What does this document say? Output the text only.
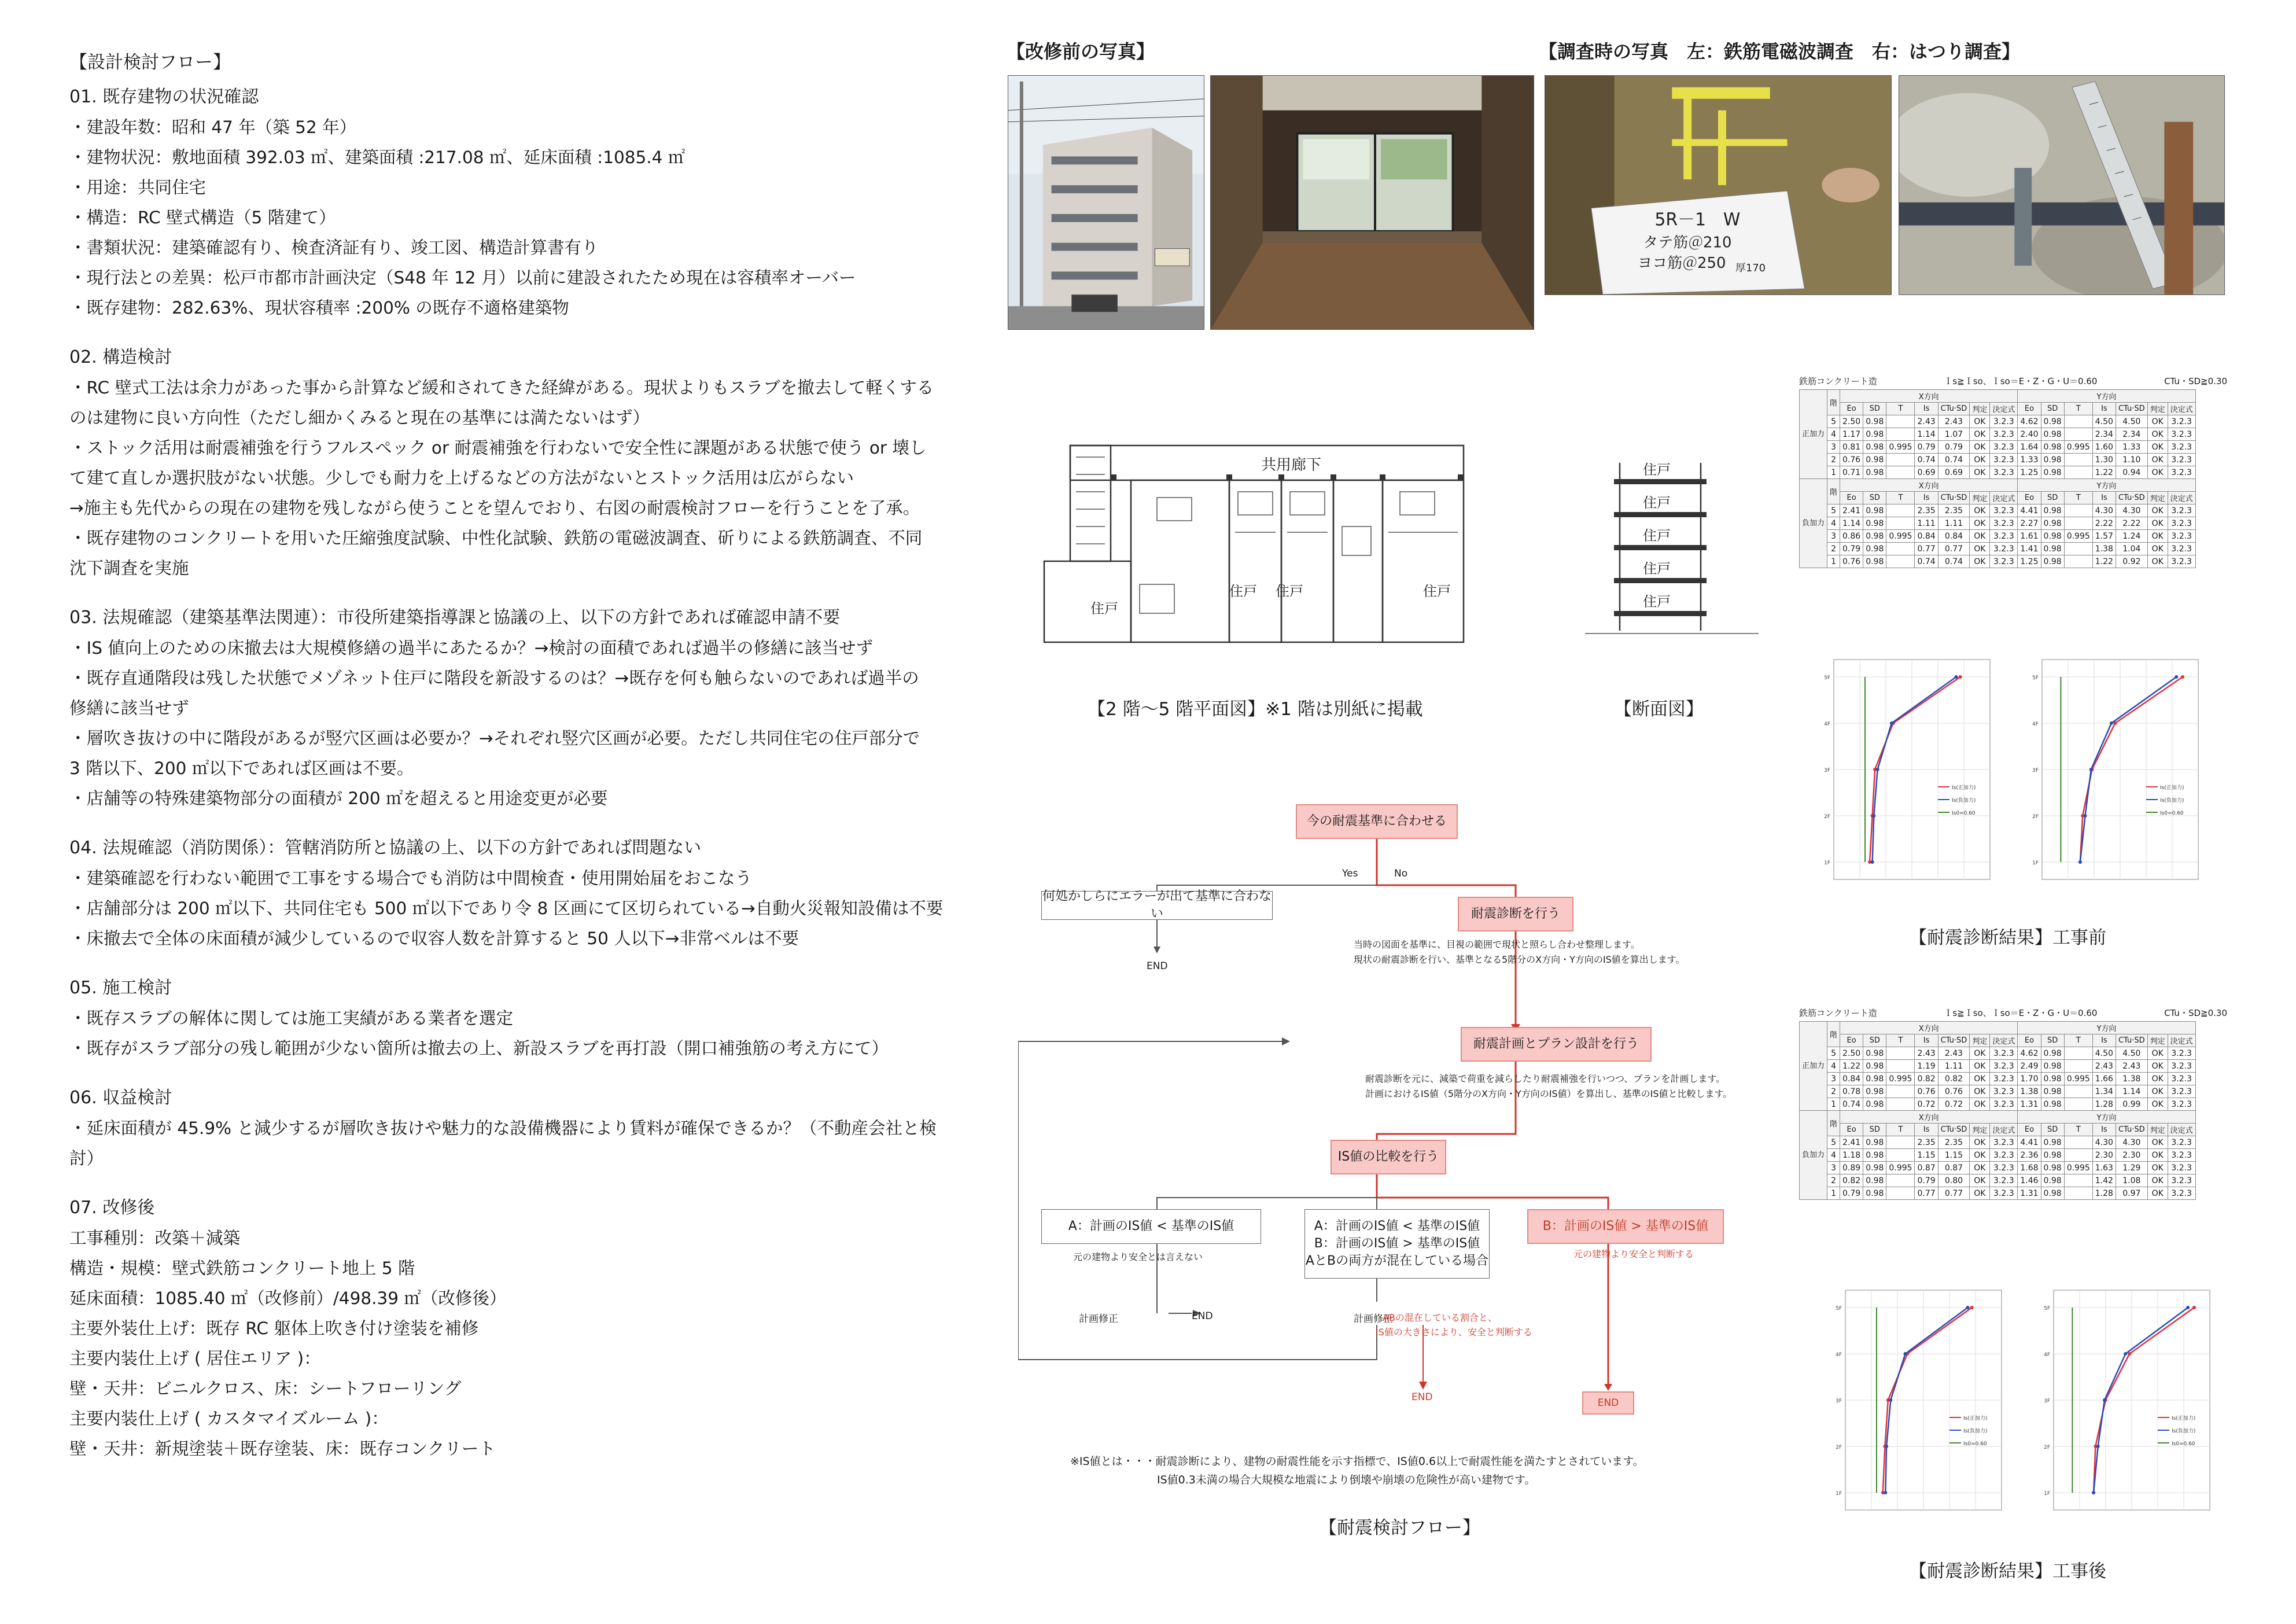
【設計検討フロー】
01. 既存建物の状況確認
・建設年数：昭和 47 年（築 52 年）
・建物状況：敷地面積 392.03 ㎡、建築面積 :217.08 ㎡、延床面積 :1085.4 ㎡
・用途：共同住宅
・構造：RC 壁式構造（5 階建て）
・書類状況：建築確認有り、検査済証有り、竣工図、構造計算書有り
・現行法との差異：松戸市都市計画決定（S48 年 12 月）以前に建設されたため現在は容積率オーバー
・既存建物：282.63%、現状容積率 :200% の既存不適格建築物
02. 構造検討
・RC 壁式工法は余力があった事から計算など緩和されてきた経緯がある。現状よりもスラブを撤去して軽くする
のは建物に良い方向性（ただし細かくみると現在の基準には満たないはず）
・ストック活用は耐震補強を行うフルスペック or 耐震補強を行わないで安全性に課題がある状態で使う or 壊し
て建て直しか選択肢がない状態。少しでも耐力を上げるなどの方法がないとストック活用は広がらない
→施主も先代からの現在の建物を残しながら使うことを望んでおり、右図の耐震検討フローを行うことを了承。
・既存建物のコンクリートを用いた圧縮強度試験、中性化試験、鉄筋の電磁波調査、斫りによる鉄筋調査、不同
沈下調査を実施
03. 法規確認（建築基準法関連）：市役所建築指導課と協議の上、以下の方針であれば確認申請不要
・IS 値向上のための床撤去は大規模修繕の過半にあたるか？→検討の面積であれば過半の修繕に該当せず
・既存直通階段は残した状態でメゾネット住戸に階段を新設するのは？→既存を何も触らないのであれば過半の
修繕に該当せず
・層吹き抜けの中に階段があるが竪穴区画は必要か？→それぞれ竪穴区画が必要。ただし共同住宅の住戸部分で
3 階以下、200 ㎡以下であれば区画は不要。
・店舗等の特殊建築物部分の面積が 200 ㎡を超えると用途変更が必要
04. 法規確認（消防関係）：管轄消防所と協議の上、以下の方針であれば問題ない
・建築確認を行わない範囲で工事をする場合でも消防は中間検査・使用開始届をおこなう
・店舗部分は 200 ㎡以下、共同住宅も 500 ㎡以下であり令 8 区画にて区切られている→自動火災報知設備は不要
・床撤去で全体の床面積が減少しているので収容人数を計算すると 50 人以下→非常ベルは不要
05. 施工検討
・既存スラブの解体に関しては施工実績がある業者を選定
・既存がスラブ部分の残し範囲が少ない箇所は撤去の上、新設スラブを再打設（開口補強筋の考え方にて）
06. 収益検討
・延床面積が 45.9% と減少するが層吹き抜けや魅力的な設備機器により賃料が確保できるか？（不動産会社と検
討）
07. 改修後
工事種別：改築＋減築
構造・規模：壁式鉄筋コンクリート地上 5 階
延床面積：1085.40 ㎡（改修前）/498.39 ㎡（改修後）
主要外装仕上げ：既存 RC 躯体上吹き付け塗装を補修
主要内装仕上げ ( 居住エリア )：
壁・天井：ビニルクロス、床：シートフローリング
主要内装仕上げ ( カスタマイズルーム )：
壁・天井：新規塗装＋既存塗装、床：既存コンクリート
【改修前の写真】	【調査時の写真　左：鉄筋電磁波調査　右：はつり調査】
5R－1　W
タテ筋＠210
ヨコ筋＠250 厚170
共用廊下
住戸
住戸 住戸	住戸
【2 階〜5 階平面図】※1 階は別紙に掲載
住戸
住戸
住戸
住戸
住戸
【断面図】
今の耐震基準に合わせる
Yes	No
何処かしらにエラーが出て基準に合わない
END
耐震診断を行う
当時の図面を基準に、目視の範囲で現状と照らし合わせ整理します。
現状の耐震診断を行い、基準となる5階分のX方向・Y方向のIS値を算出します。
耐震計画とプラン設計を行う
耐震診断を元に、減築で荷重を減らしたり耐震補強を行いつつ、プランを計画します。
計画におけるIS値（5階分のX方向・Y方向のIS値）を算出し、基準のIS値と比較します。
IS値の比較を行う
A：計画のIS値 < 基準のIS値
元の建物より安全とは言えない
A：計画のIS値 < 基準のIS値
B：計画のIS値 > 基準のIS値
AとBの両方が混在している場合
B：計画のIS値 > 基準のIS値
元の建物より安全と判断する
計画修正	END	計画修正
ABの混在している割合と、
IS値の大きさにより、安全と判断する
END	END
※IS値とは・・・耐震診断により、建物の耐震性能を示す指標で、IS値0.6以上で耐震性能を満たすとされています。
IS値0.3未満の場合大規模な地震により倒壊や崩壊の危険性が高い建物です。
【耐震検討フロー】
鉄筋コンクリート造	Ｉs≧Ｉso、Ｉso＝E・Z・G・U＝0.60	CTu・SD≧0.30
正加力	階	X方向							Y方向						
		Eo	SD	T	Is	CTu·SD	判定	決定式	Eo	SD	T	Is	CTu·SD	判定	決定式
	5	2.50	0.98		2.43	2.43	OK	3.2.3	4.62	0.98		4.50	4.50	OK	3.2.3
	4	1.17	0.98		1.14	1.07	OK	3.2.3	2.40	0.98		2.34	2.34	OK	3.2.3
	3	0.81	0.98	0.995	0.79	0.79	OK	3.2.3	1.64	0.98	0.995	1.60	1.33	OK	3.2.3
	2	0.76	0.98		0.74	0.74	OK	3.2.3	1.33	0.98		1.30	1.10	OK	3.2.3
	1	0.71	0.98		0.69	0.69	OK	3.2.3	1.25	0.98		1.22	0.94	OK	3.2.3
負加力	階	X方向							Y方向						
		Eo	SD	T	Is	CTu·SD	判定	決定式	Eo	SD	T	Is	CTu·SD	判定	決定式
	5	2.41	0.98		2.35	2.35	OK	3.2.3	4.41	0.98		4.30	4.30	OK	3.2.3
	4	1.14	0.98		1.11	1.11	OK	3.2.3	2.27	0.98		2.22	2.22	OK	3.2.3
	3	0.86	0.98	0.995	0.84	0.84	OK	3.2.3	1.61	0.98	0.995	1.57	1.24	OK	3.2.3
	2	0.79	0.98		0.77	0.77	OK	3.2.3	1.41	0.98		1.38	1.04	OK	3.2.3
	1	0.76	0.98		0.74	0.74	OK	3.2.3	1.25	0.98		1.22	0.92	OK	3.2.3
1F
2F
3F
4F
5F
Is(正加力)
Is(負加力)
Is0=0.60
1F
2F
3F
4F
5F
Is(正加力)
Is(負加力)
Is0=0.60
【耐震診断結果】工事前
鉄筋コンクリート造	Ｉs≧Ｉso、Ｉso＝E・Z・G・U＝0.60	CTu・SD≧0.30
正加力	階	X方向							Y方向						
		Eo	SD	T	Is	CTu·SD	判定	決定式	Eo	SD	T	Is	CTu·SD	判定	決定式
	5	2.50	0.98		2.43	2.43	OK	3.2.3	4.62	0.98		4.50	4.50	OK	3.2.3
	4	1.22	0.98		1.19	1.11	OK	3.2.3	2.49	0.98		2.43	2.43	OK	3.2.3
	3	0.84	0.98	0.995	0.82	0.82	OK	3.2.3	1.70	0.98	0.995	1.66	1.38	OK	3.2.3
	2	0.78	0.98		0.76	0.76	OK	3.2.3	1.38	0.98		1.34	1.14	OK	3.2.3
	1	0.74	0.98		0.72	0.72	OK	3.2.3	1.31	0.98		1.28	0.99	OK	3.2.3
負加力	階	X方向							Y方向						
		Eo	SD	T	Is	CTu·SD	判定	決定式	Eo	SD	T	Is	CTu·SD	判定	決定式
	5	2.41	0.98		2.35	2.35	OK	3.2.3	4.41	0.98		4.30	4.30	OK	3.2.3
	4	1.18	0.98		1.15	1.15	OK	3.2.3	2.36	0.98		2.30	2.30	OK	3.2.3
	3	0.89	0.98	0.995	0.87	0.87	OK	3.2.3	1.68	0.98	0.995	1.63	1.29	OK	3.2.3
	2	0.82	0.98		0.79	0.80	OK	3.2.3	1.46	0.98		1.42	1.08	OK	3.2.3
	1	0.79	0.98		0.77	0.77	OK	3.2.3	1.31	0.98		1.28	0.97	OK	3.2.3
1F
2F
3F
4F
5F
Is(正加力)
Is(負加力)
Is0=0.60
1F
2F
3F
4F
5F
Is(正加力)
Is(負加力)
Is0=0.60
【耐震診断結果】工事後
